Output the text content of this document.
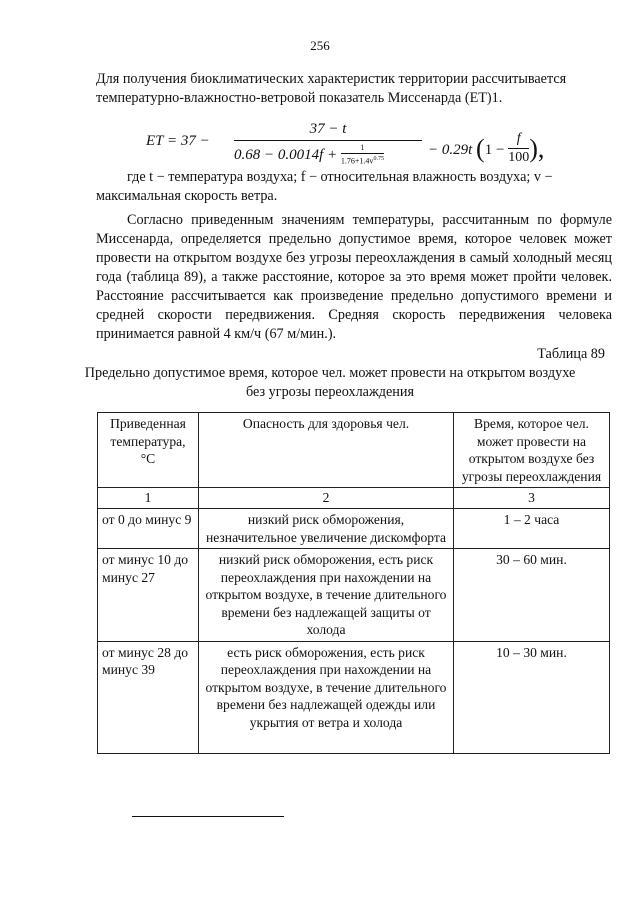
256

Для получения биоклиматических характеристик территории рассчитывается

температурно-влажностно-ветровой показатель Миссенарда (ЕТ)1.

ET = 37 −
37 − t
$0.68 - 0.0014f + \frac{1}{1.76+1.4v^{0.75}}$	− 0.29t ($1 - \frac{f}{100}$ ),

где t − температура воздуха; f − относительная влажность воздуха; v −
максимальная скорость ветра.

Согласно приведенным значениям температуры, рассчитанным по формуле Миссенарда, определяется предельно допустимое время, которое человек может провести на открытом воздухе без угрозы переохлаждения в самый холодный месяц года (таблица 89), а также расстояние, которое за это время может пройти человек. Расстояние рассчитывается как произведение предельно допустимого времени и средней скорости передвижения. Средняя скорость передвижения человека принимается равной 4 км/ч (67 м/мин.).

Таблица 89
Предельно допустимое время, которое чел. может провести на открытом воздухе без угрозы переохлаждения
Приведенная температура, °С	Опасность для здоровья чел.	Время, которое чел. может провести на открытом воздухе без угрозы переохлаждения
1	2	3
от 0 до минус 9	низкий риск обморожения, незначительное увеличение дискомфорта	1 – 2 часа
от минус 10 до минус 27	низкий риск обморожения, есть риск переохлаждения при нахождении на открытом воздухе, в течение длительного времени без надлежащей защиты от холода	30 – 60 мин.
от минус 28 до минус 39	есть риск обморожения, есть риск переохлаждения при нахождении на открытом воздухе, в течение длительного времени без надлежащей одежды или укрытия от ветра и холода	10 – 30 мин.
